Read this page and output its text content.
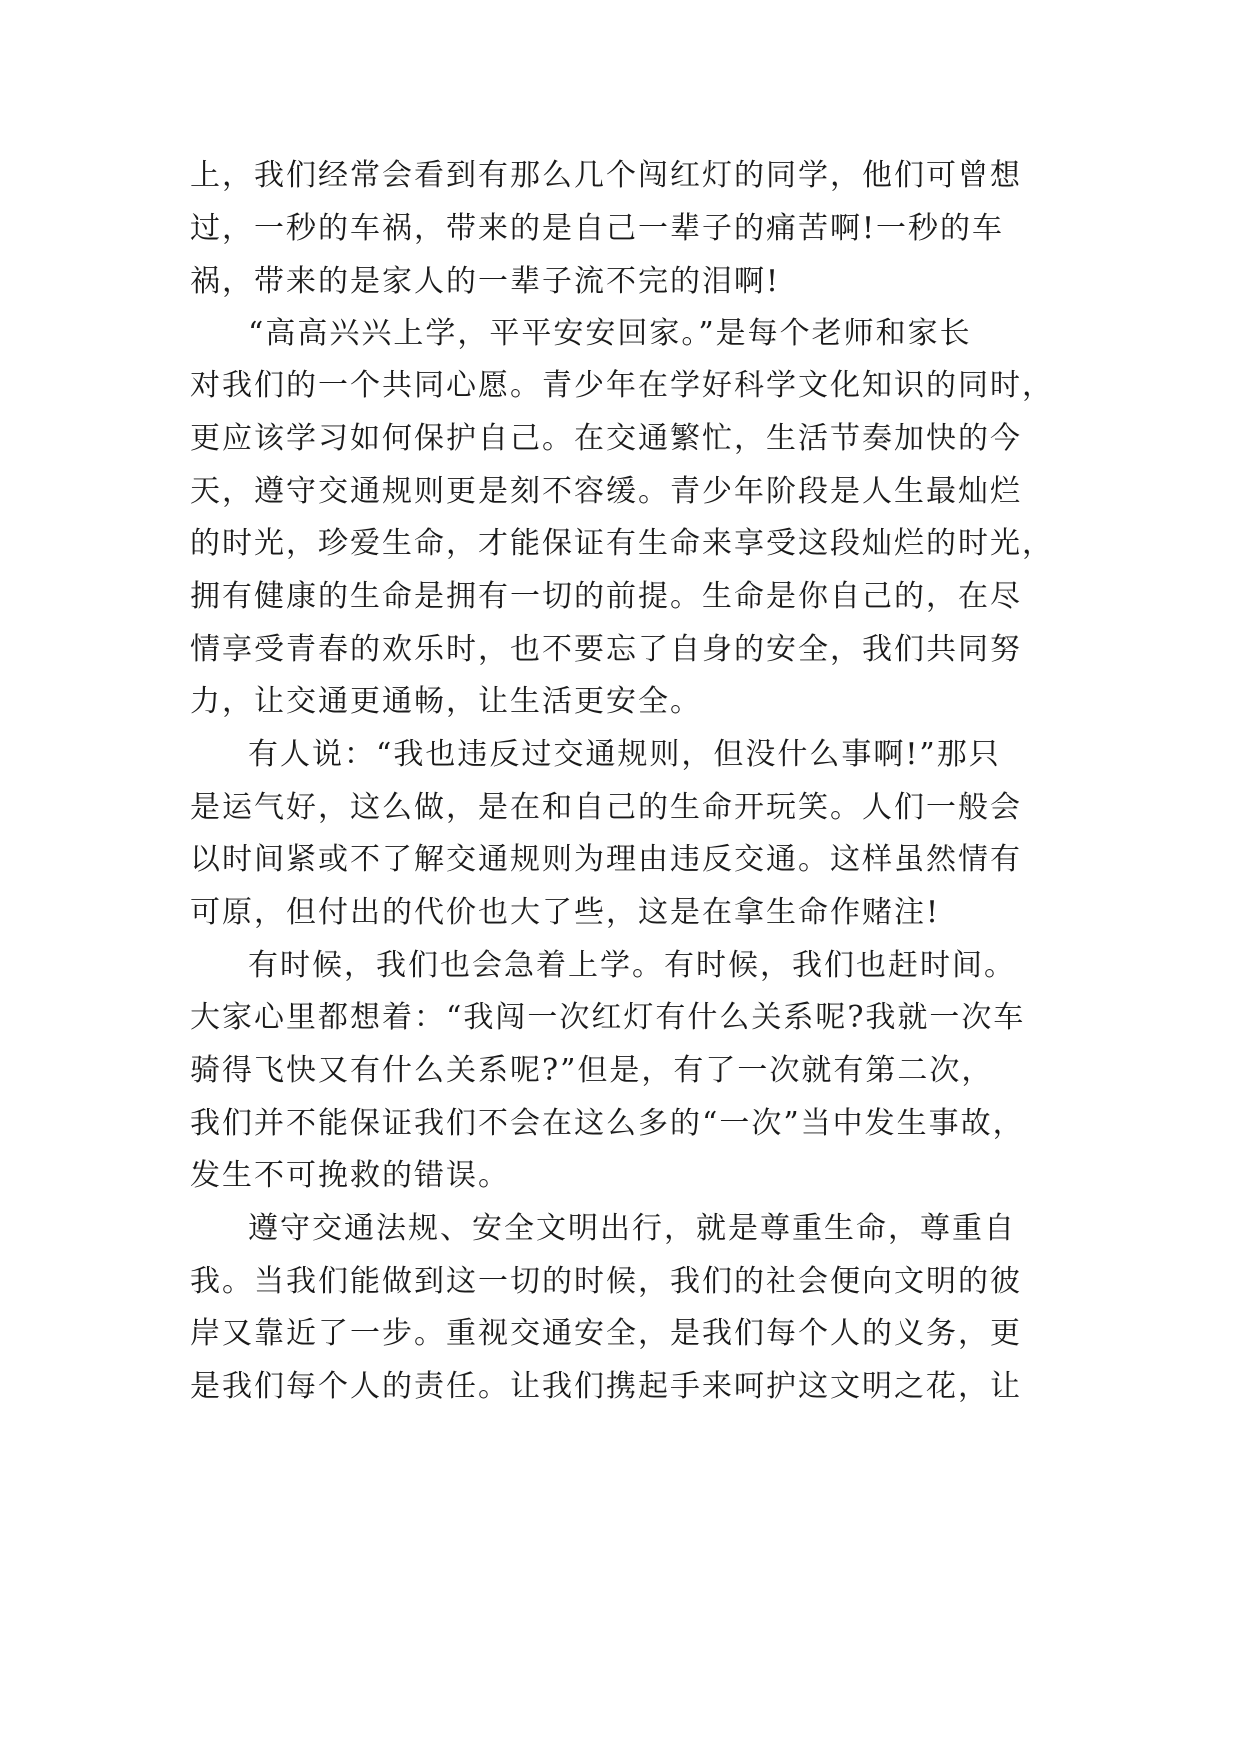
上，我们经常会看到有那么几个闯红灯的同学，他们可曾想
过，一秒的车祸，带来的是自己一辈子的痛苦啊!一秒的车
祸，带来的是家人的一辈子流不完的泪啊!
“高高兴兴上学，平平安安回家。”是每个老师和家长
对我们的一个共同心愿。青少年在学好科学文化知识的同时，
更应该学习如何保护自己。在交通繁忙，生活节奏加快的今
天，遵守交通规则更是刻不容缓。青少年阶段是人生最灿烂
的时光，珍爱生命，才能保证有生命来享受这段灿烂的时光，
拥有健康的生命是拥有一切的前提。生命是你自己的，在尽
情享受青春的欢乐时，也不要忘了自身的安全，我们共同努
力，让交通更通畅，让生活更安全。
有人说：“我也违反过交通规则，但没什么事啊!”那只
是运气好，这么做，是在和自己的生命开玩笑。人们一般会
以时间紧或不了解交通规则为理由违反交通。这样虽然情有
可原，但付出的代价也大了些，这是在拿生命作赌注!
有时候，我们也会急着上学。有时候，我们也赶时间。
大家心里都想着：“我闯一次红灯有什么关系呢?我就一次车
骑得飞快又有什么关系呢?”但是，有了一次就有第二次，
我们并不能保证我们不会在这么多的“一次”当中发生事故，
发生不可挽救的错误。
遵守交通法规、安全文明出行，就是尊重生命，尊重自
我。当我们能做到这一切的时候，我们的社会便向文明的彼
岸又靠近了一步。重视交通安全，是我们每个人的义务，更
是我们每个人的责任。让我们携起手来呵护这文明之花，让
